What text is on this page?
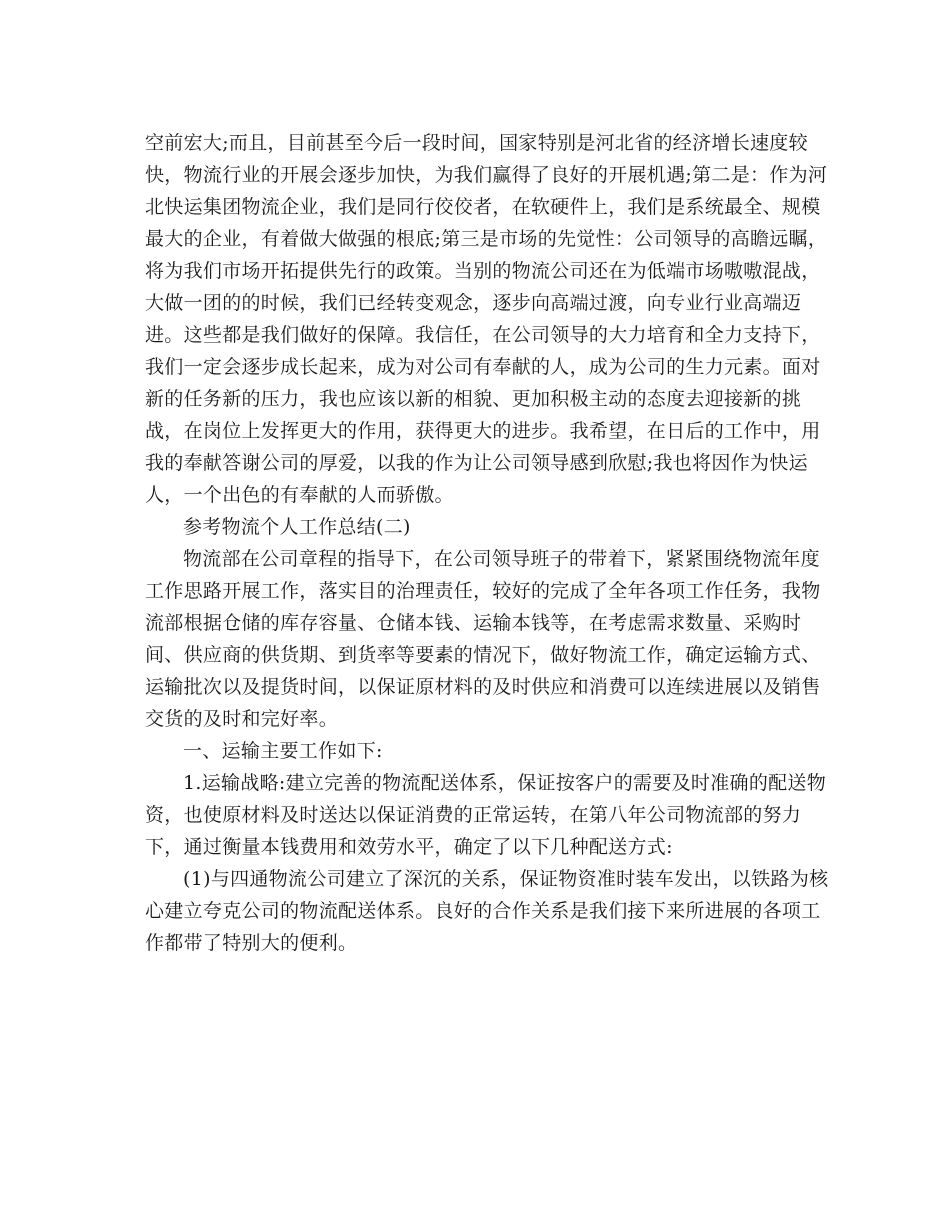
空前宏大;而且，目前甚至今后一段时间，国家特别是河北省的经济增长速度较
快，物流行业的开展会逐步加快，为我们赢得了良好的开展机遇;第二是：作为河
北快运集团物流企业，我们是同行佼佼者，在软硬件上，我们是系统最全、规模
最大的企业，有着做大做强的根底;第三是市场的先觉性：公司领导的高瞻远瞩，
将为我们市场开拓提供先行的政策。当别的物流公司还在为低端市场嗷嗷混战，
大做一团的的时候，我们已经转变观念，逐步向高端过渡，向专业行业高端迈
进。这些都是我们做好的保障。我信任，在公司领导的大力培育和全力支持下，
我们一定会逐步成长起来，成为对公司有奉献的人，成为公司的生力元素。面对
新的任务新的压力，我也应该以新的相貌、更加积极主动的态度去迎接新的挑
战，在岗位上发挥更大的作用，获得更大的进步。我希望，在日后的工作中，用
我的奉献答谢公司的厚爱，以我的作为让公司领导感到欣慰;我也将因作为快运
人，一个出色的有奉献的人而骄傲。
参考物流个人工作总结(二)
物流部在公司章程的指导下，在公司领导班子的带着下，紧紧围绕物流年度
工作思路开展工作，落实目的治理责任，较好的完成了全年各项工作任务，我物
流部根据仓储的库存容量、仓储本钱、运输本钱等，在考虑需求数量、采购时
间、供应商的供货期、到货率等要素的情况下，做好物流工作，确定运输方式、
运输批次以及提货时间，以保证原材料的及时供应和消费可以连续进展以及销售
交货的及时和完好率。
一、运输主要工作如下:
1.运输战略:建立完善的物流配送体系，保证按客户的需要及时准确的配送物
资，也使原材料及时送达以保证消费的正常运转，在第八年公司物流部的努力
下，通过衡量本钱费用和效劳水平，确定了以下几种配送方式:
(1)与四通物流公司建立了深沉的关系，保证物资准时装车发出，以铁路为核
心建立夸克公司的物流配送体系。良好的合作关系是我们接下来所进展的各项工
作都带了特别大的便利。
